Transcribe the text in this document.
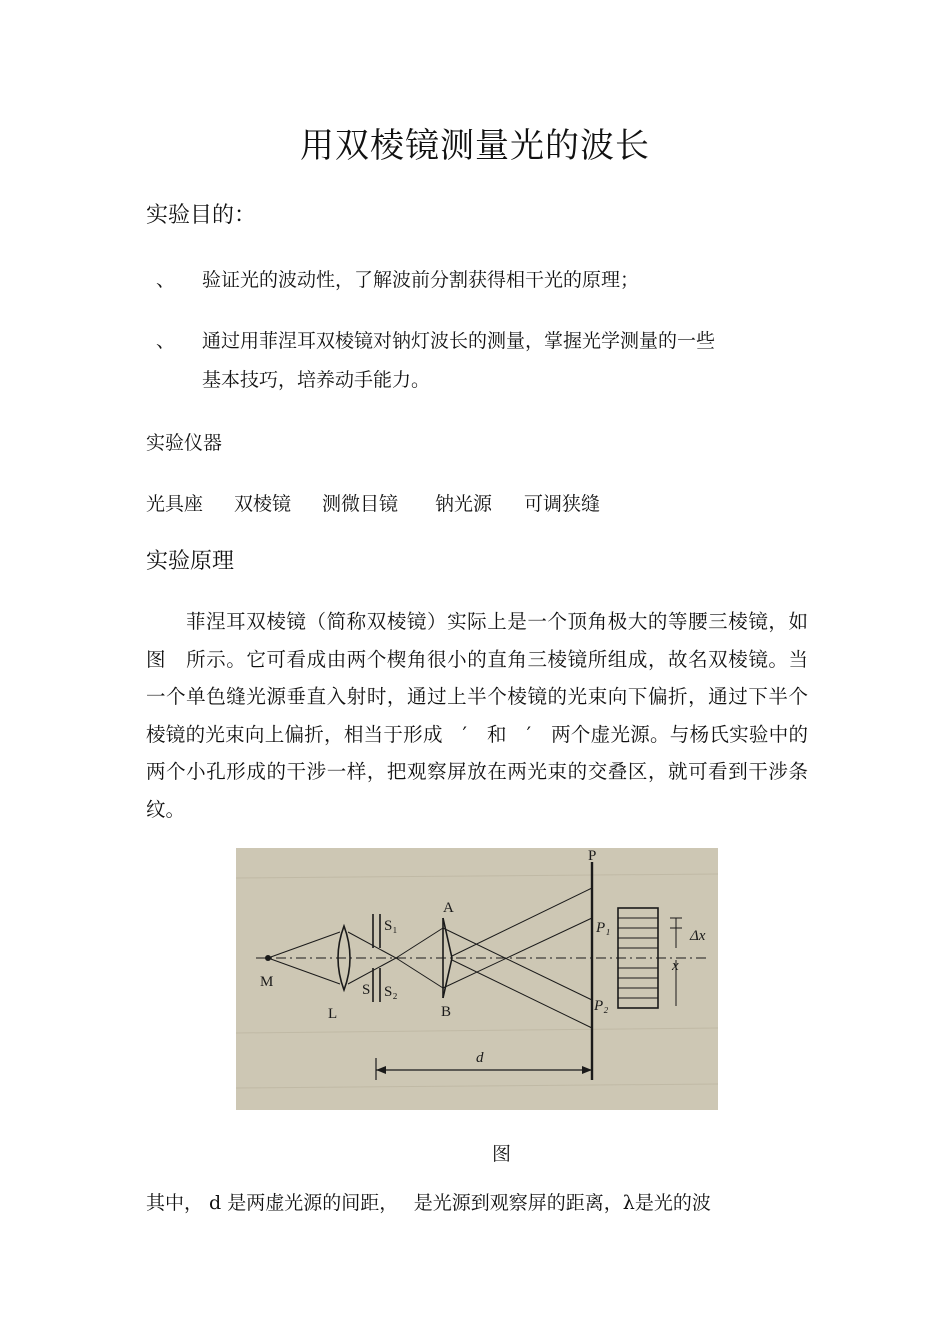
用双棱镜测量光的波长
实验目的：
、 验证光的波动性，了解波前分割获得相干光的原理；
、 通过用菲涅耳双棱镜对钠灯波长的测量，掌握光学测量的一些
基本技巧，培养动手能力。
实验仪器
光具座 双棱镜 测微目镜 钠光源 可调狭缝
实验原理
菲涅耳双棱镜（简称双棱镜）实际上是一个顶角极大的等腰三棱镜，如图　所示。它可看成由两个楔角很小的直角三棱镜所组成，故名双棱镜。当一个单色缝光源垂直入射时，通过上半个棱镜的光束向下偏折，通过下半个棱镜的光束向上偏折，相当于形成　′　和　′　两个虚光源。与杨氏实验中的两个小孔形成的干涉一样，把观察屏放在两光束的交叠区，就可看到干涉条纹。
M
L
S
S₁
S₂
A
B
P
P₁
P₂
Δx
x
d
图
其中， d 是两虚光源的间距，　 是光源到观察屏的距离，λ是光的波
